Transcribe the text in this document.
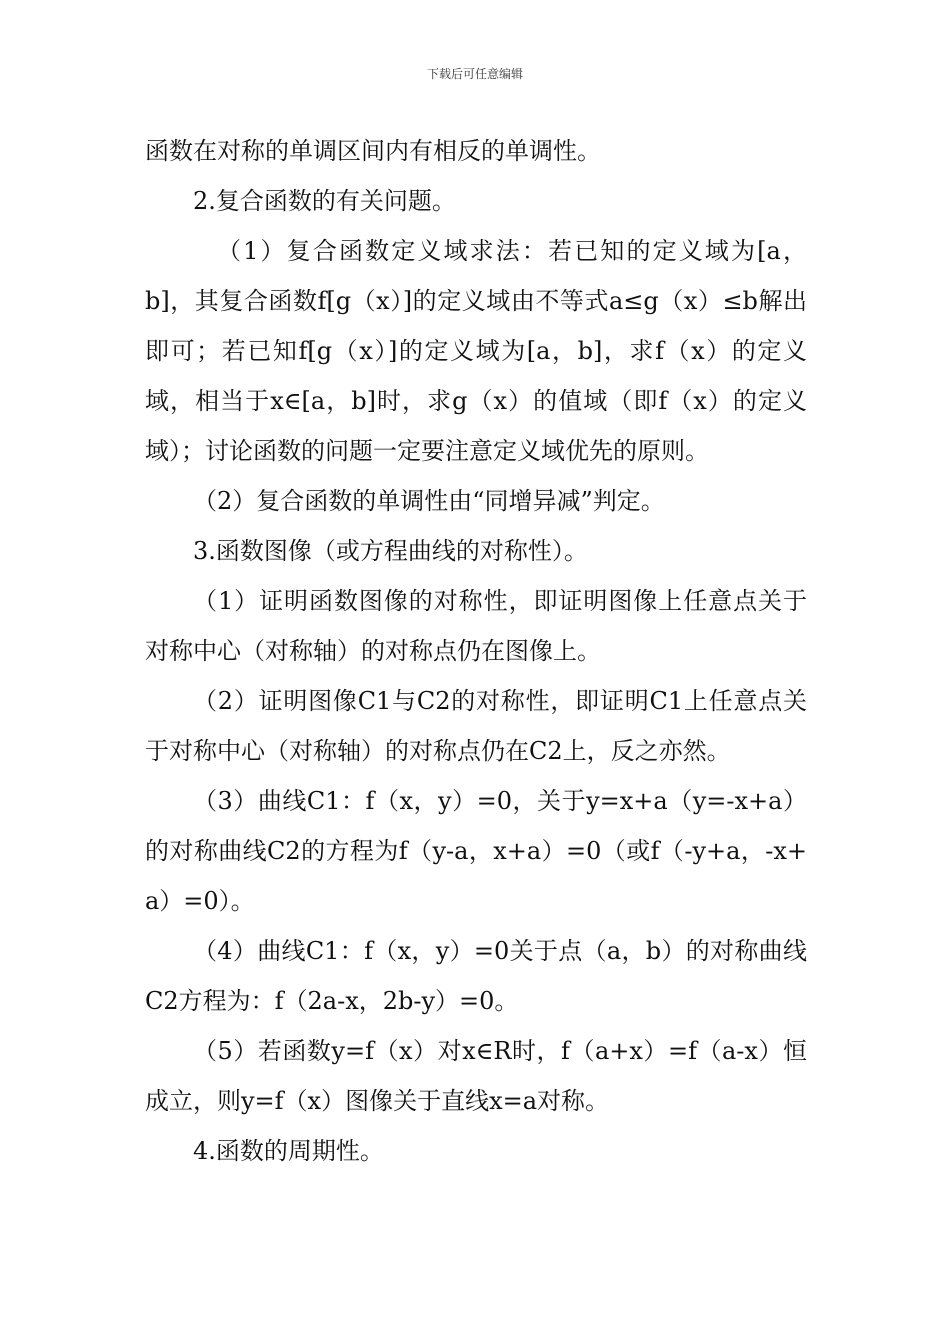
下载后可任意编辑

函数在对称的单调区间内有相反的单调性。

2.复合函数的有关问题。

（1）复合函数定义域求法：若已知的定义域为[a，b]，其复合函数f[g（x）]的定义域由不等式a≤g（x）≤b解出即可；若已知f[g（x）]的定义域为[a，b]，求f（x）的定义域，相当于x∈[a，b]时，求g（x）的值域（即f（x）的定义域）；讨论函数的问题一定要注意定义域优先的原则。

（2）复合函数的单调性由“同增异减”判定。

3.函数图像（或方程曲线的对称性）。

（1）证明函数图像的对称性，即证明图像上任意点关于对称中心（对称轴）的对称点仍在图像上。

（2）证明图像C1与C2的对称性，即证明C1上任意点关于对称中心（对称轴）的对称点仍在C2上，反之亦然。

（3）曲线C1：f（x，y）=0，关于y=x+a（y=-x+a）的对称曲线C2的方程为f（y-a，x+a）=0（或f（-y+a，-x+a）=0）。

（4）曲线C1：f（x，y）=0关于点（a，b）的对称曲线C2方程为：f（2a-x，2b-y）=0。

（5）若函数y=f（x）对x∈R时，f（a+x）=f（a-x）恒成立，则y=f（x）图像关于直线x=a对称。

4.函数的周期性。
